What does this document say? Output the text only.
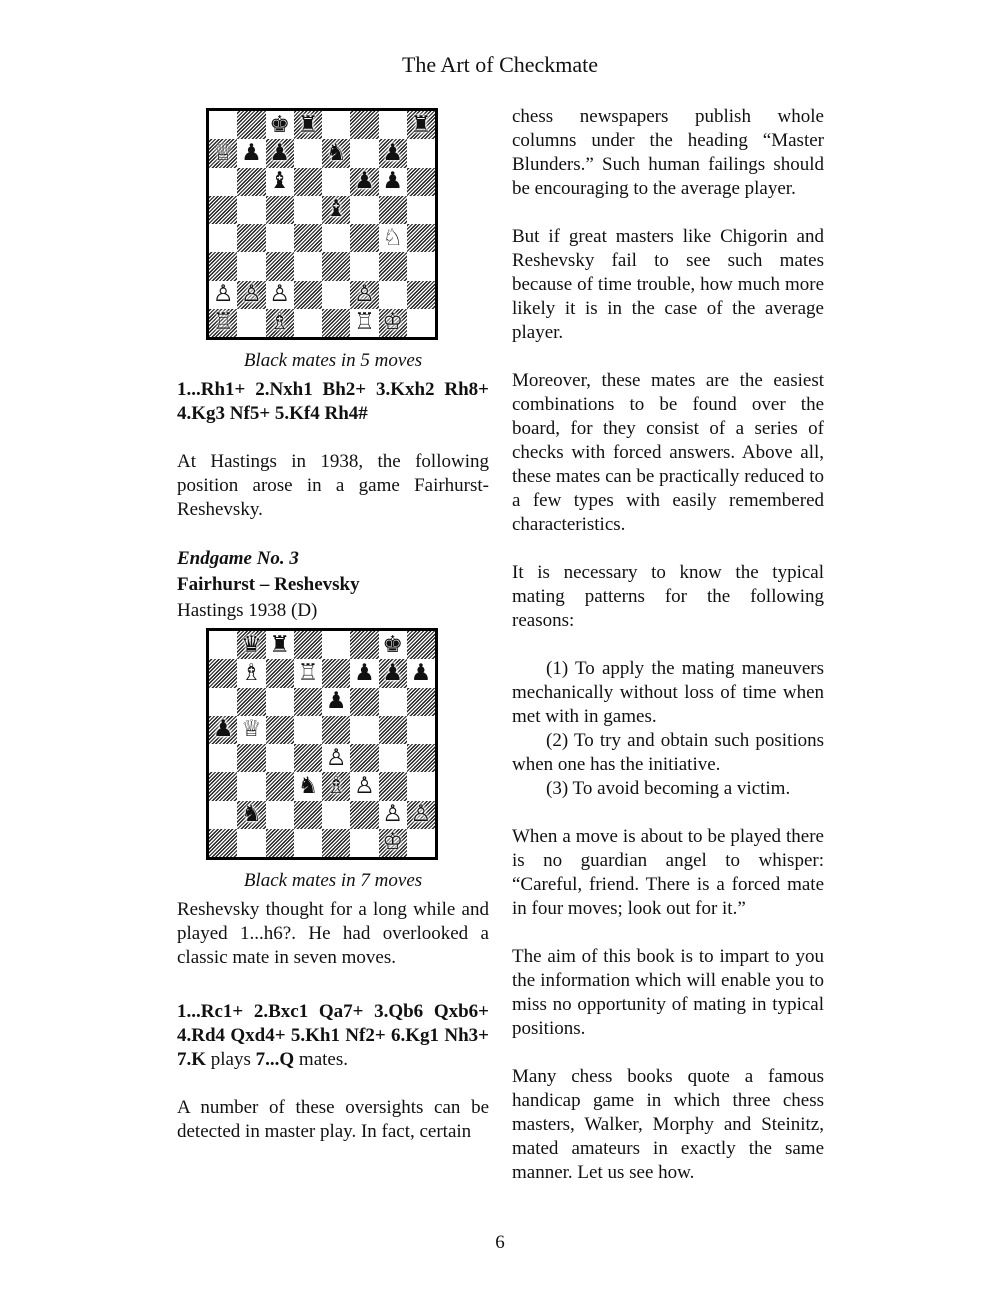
The Art of Checkmate
♚ ♜	♜
♕ ♟ ♟ ♞ ♟
♝	♟ ♟
♝
♘
♙ ♙ ♙	♙
♖ ♗	♖ ♔
Black mates in 5 moves
1...Rh1+ 2.Nxh1 Bh2+ 3.Kxh2 Rh8+ 4.Kg3 Nf5+ 5.Kf4 Rh4#

At Hastings in 1938, the following position arose in a game Fairhurst-Reshevsky.

Endgame No. 3
Fairhurst – Reshevsky
Hastings 1938 (D)
♛ ♜	♚
♗ ♖ ♟ ♟ ♟
♟
♟ ♕
♙
♞ ♗ ♙
♞	♙ ♙
♔
Black mates in 7 moves

Reshevsky thought for a long while and played 1...h6?. He had overlooked a classic mate in seven moves.

1...Rc1+ 2.Bxc1 Qa7+ 3.Qb6 Qxb6+ 4.Rd4 Qxd4+ 5.Kh1 Nf2+ 6.Kg1 Nh3+ 7.K plays 7...Q mates.

A number of these oversights can be detected in master play. In fact, certain

chess newspapers publish whole columns under the heading “Master Blunders.” Such human failings should be encouraging to the average player.

But if great masters like Chigorin and Reshevsky fail to see such mates because of time trouble, how much more likely it is in the case of the average player.

Moreover, these mates are the easiest combinations to be found over the board, for they consist of a series of checks with forced answers. Above all, these mates can be practically reduced to a few types with easily remembered characteristics.

It is necessary to know the typical mating patterns for the following reasons:

(1) To apply the mating maneuvers mechanically without loss of time when met with in games.

(2) To try and obtain such positions when one has the initiative.

(3) To avoid becoming a victim.

When a move is about to be played there is no guardian angel to whisper: “Careful, friend. There is a forced mate in four moves; look out for it.”

The aim of this book is to impart to you the information which will enable you to miss no opportunity of mating in typical positions.

Many chess books quote a famous handicap game in which three chess masters, Walker, Morphy and Steinitz, mated amateurs in exactly the same manner. Let us see how.

6
